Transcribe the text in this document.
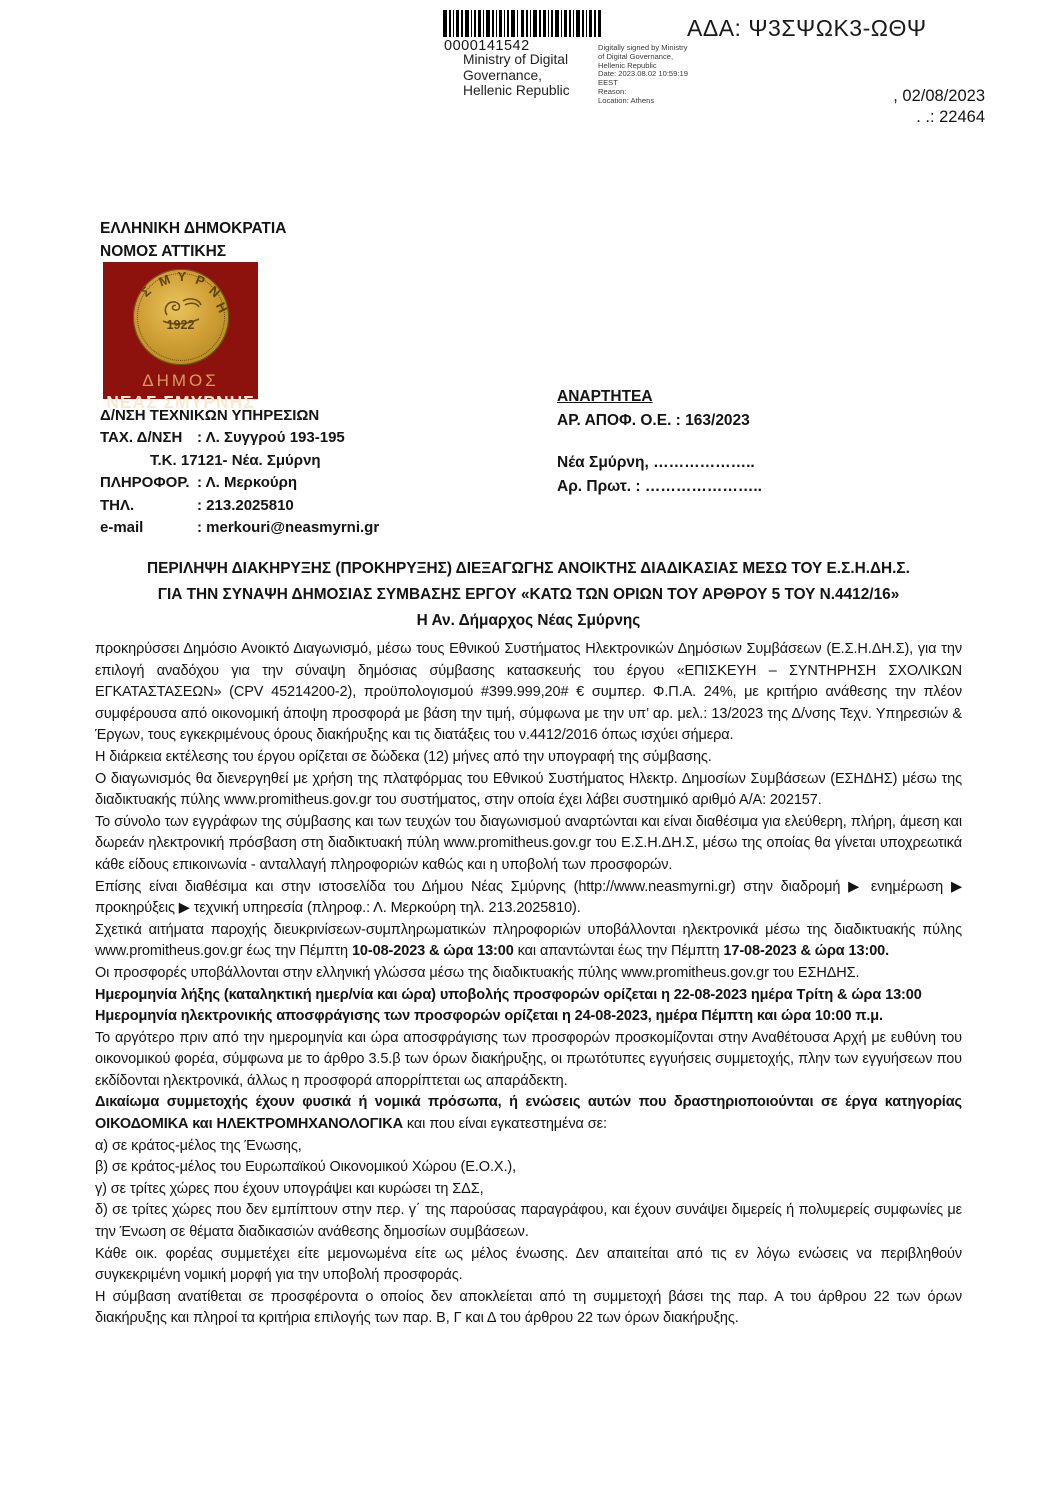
0000141542
Ministry of Digital
Governance,
Hellenic Republic
Digitally signed by Ministry
of Digital Governance,
Hellenic Republic
Date: 2023.08.02 10:59:19
EEST
Reason:
Location: Athens
ΑΔΑ: Ψ3ΣΨΩΚ3-ΩΘΨ
, 02/08/2023
. .: 22464
ΕΛΛΗΝΙΚΗ ΔΗΜΟΚΡΑΤΙΑ
ΝΟΜΟΣ ΑΤΤΙΚΗΣ
Σ
Μ Υ Ρ
Ν
Η
1922
ΔΗΜΟΣ
ΝΕΑΣ ΣΜΥΡΝΗΣ
Δ/ΝΣΗ ΤΕΧΝΙΚΩΝ ΥΠΗΡΕΣΙΩΝ
ΤΑΧ. Δ/ΝΣΗ : Λ. Συγγρού 193-195
Τ.Κ. 17121- Νέα. Σμύρνη
ΠΛΗΡΟΦΟΡ. : Λ. Μερκούρη
ΤΗΛ.	: 213.2025810
e-mail	: merkouri@neasmyrni.gr
ΑΝΑΡΤΗΤΕΑ
ΑΡ. ΑΠΟΦ. Ο.Ε. : 163/2023
Νέα Σμύρνη, ………………..
Αρ. Πρωτ. : …………………..
ΠΕΡΙΛΗΨΗ ΔΙΑΚΗΡΥΞΗΣ (ΠΡΟΚΗΡΥΞΗΣ) ΔΙΕΞΑΓΩΓΗΣ ΑΝΟΙΚΤΗΣ ΔΙΑΔΙΚΑΣΙΑΣ ΜΕΣΩ ΤΟΥ Ε.Σ.Η.ΔΗ.Σ.
ΓΙΑ ΤΗΝ ΣΥΝΑΨΗ ΔΗΜΟΣΙΑΣ ΣΥΜΒΑΣΗΣ ΕΡΓΟΥ «ΚΑΤΩ ΤΩΝ ΟΡΙΩΝ ΤΟΥ ΑΡΘΡΟΥ 5 ΤΟΥ Ν.4412/16»
Η Αν. Δήμαρχος Νέας Σμύρνης

προκηρύσσει Δημόσιο Ανοικτό Διαγωνισμό, μέσω τους Εθνικού Συστήματος Ηλεκτρονικών Δημόσιων Συμβάσεων (Ε.Σ.Η.ΔΗ.Σ), για την επιλογή αναδόχου για την σύναψη δημόσιας σύμβασης κατασκευής του έργου «ΕΠΙΣΚΕΥΗ – ΣΥΝΤΗΡΗΣΗ ΣΧΟΛΙΚΩΝ ΕΓΚΑΤΑΣΤΑΣΕΩΝ» (CPV 45214200-2), προϋπολογισμού #399.999,20# € συμπερ. Φ.Π.Α. 24%, με κριτήριο ανάθεσης την πλέον συμφέρουσα από οικονομική άποψη προσφορά με βάση την τιμή, σύμφωνα με την υπ’ αρ. μελ.: 13/2023 της Δ/νσης Τεχν. Υπηρεσιών & Έργων, τους εγκεκριμένους όρους διακήρυξης και τις διατάξεις του ν.4412/2016 όπως ισχύει σήμερα.

Η διάρκεια εκτέλεσης του έργου ορίζεται σε δώδεκα (12) μήνες από την υπογραφή της σύμβασης.

Ο διαγωνισμός θα διενεργηθεί με χρήση της πλατφόρμας του Εθνικού Συστήματος Ηλεκτρ. Δημοσίων Συμβάσεων (ΕΣΗΔΗΣ) μέσω της διαδικτυακής πύλης www.promitheus.gov.gr του συστήματος, στην οποία έχει λάβει συστημικό αριθμό Α/Α: 202157.

Το σύνολο των εγγράφων της σύμβασης και των τευχών του διαγωνισμού αναρτώνται και είναι διαθέσιμα για ελεύθερη, πλήρη, άμεση και δωρεάν ηλεκτρονική πρόσβαση στη διαδικτυακή πύλη www.promitheus.gov.gr του Ε.Σ.Η.ΔΗ.Σ, μέσω της οποίας θα γίνεται υποχρεωτικά κάθε είδους επικοινωνία - ανταλλαγή πληροφοριών καθώς και η υποβολή των προσφορών.

Επίσης είναι διαθέσιμα και στην ιστοσελίδα του Δήμου Νέας Σμύρνης (http://www.neasmyrni.gr) στην διαδρομή ▶ ενημέρωση ▶ προκηρύξεις ▶ τεχνική υπηρεσία (πληροφ.: Λ. Μερκούρη τηλ. 213.2025810).

Σχετικά αιτήματα παροχής διευκρινίσεων-συμπληρωματικών πληροφοριών υποβάλλονται ηλεκτρονικά μέσω της διαδικτυακής πύλης www.promitheus.gov.gr έως την Πέμπτη 10-08-2023 & ώρα 13:00 και απαντώνται έως την Πέμπτη 17-08-2023 & ώρα 13:00.

Οι προσφορές υποβάλλονται στην ελληνική γλώσσα μέσω της διαδικτυακής πύλης www.promitheus.gov.gr του ΕΣΗΔΗΣ.

Ημερομηνία λήξης (καταληκτική ημερ/νία και ώρα) υποβολής προσφορών ορίζεται η 22-08-2023 ημέρα Τρίτη & ώρα 13:00

Ημερομηνία ηλεκτρονικής αποσφράγισης των προσφορών ορίζεται η 24-08-2023, ημέρα Πέμπτη και ώρα 10:00 π.μ.

Το αργότερο πριν από την ημερομηνία και ώρα αποσφράγισης των προσφορών προσκομίζονται στην Αναθέτουσα Αρχή με ευθύνη του οικονομικού φορέα, σύμφωνα με το άρθρο 3.5.β των όρων διακήρυξης, οι πρωτότυπες εγγυήσεις συμμετοχής, πλην των εγγυήσεων που εκδίδονται ηλεκτρονικά, άλλως η προσφορά απορρίπτεται ως απαράδεκτη.

Δικαίωμα συμμετοχής έχουν φυσικά ή νομικά πρόσωπα, ή ενώσεις αυτών που δραστηριοποιούνται σε έργα κατηγορίας ΟΙΚΟΔΟΜΙΚΑ και ΗΛΕΚΤΡΟΜΗΧΑΝΟΛΟΓΙΚΑ και που είναι εγκατεστημένα σε:

α) σε κράτος-μέλος της Ένωσης,

β) σε κράτος-μέλος του Ευρωπαϊκού Οικονομικού Χώρου (Ε.Ο.Χ.),

γ) σε τρίτες χώρες που έχουν υπογράψει και κυρώσει τη ΣΔΣ,

δ) σε τρίτες χώρες που δεν εμπίπτουν στην περ. γ΄ της παρούσας παραγράφου, και έχουν συνάψει διμερείς ή πολυμερείς συμφωνίες με την Ένωση σε θέματα διαδικασιών ανάθεσης δημοσίων συμβάσεων.

Κάθε οικ. φορέας συμμετέχει είτε μεμονωμένα είτε ως μέλος ένωσης. Δεν απαιτείται από τις εν λόγω ενώσεις να περιβληθούν συγκεκριμένη νομική μορφή για την υποβολή προσφοράς.

Η σύμβαση ανατίθεται σε προσφέροντα ο οποίος δεν αποκλείεται από τη συμμετοχή βάσει της παρ. Α του άρθρου 22 των όρων διακήρυξης και πληροί τα κριτήρια επιλογής των παρ. Β, Γ και Δ του άρθρου 22 των όρων διακήρυξης.
